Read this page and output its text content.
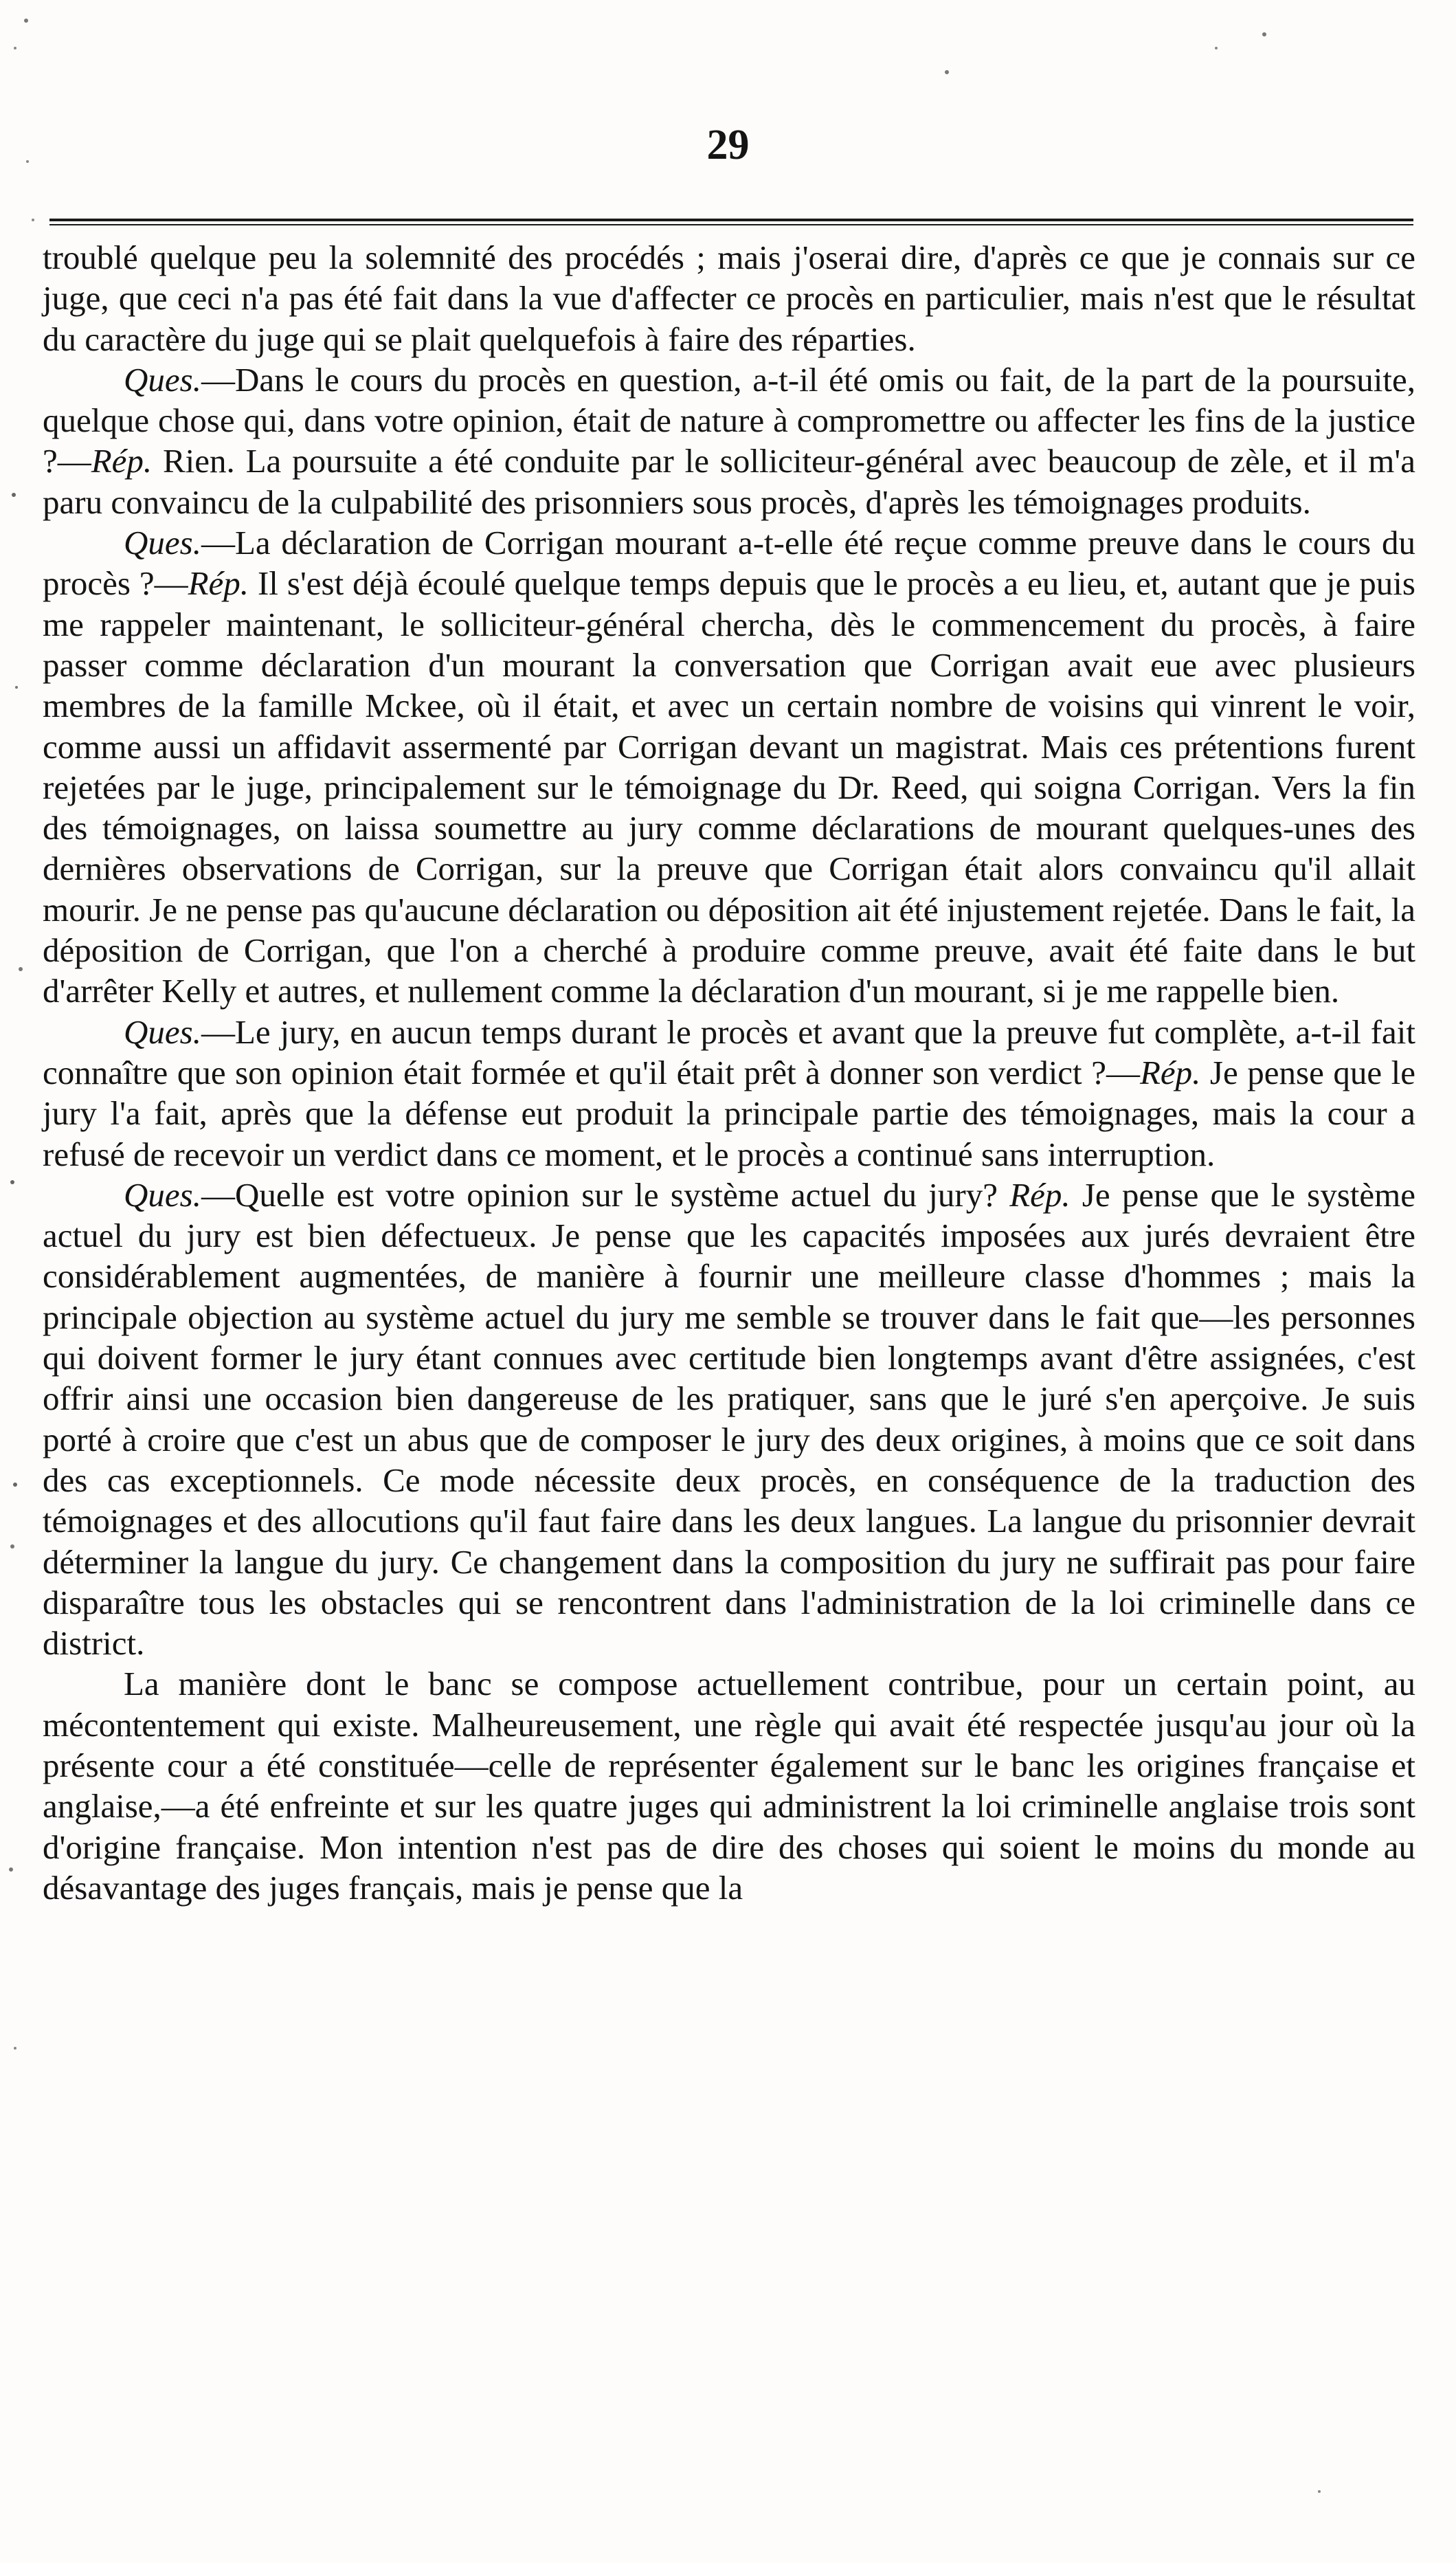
29

troublé quelque peu la solemnité des procédés ; mais j'oserai dire, d'après ce que je connais sur ce juge, que ceci n'a pas été fait dans la vue d'affecter ce procès en particulier, mais n'est que le résultat du caractère du juge qui se plait quelquefois à faire des réparties.

Ques.—Dans le cours du procès en question, a-t-il été omis ou fait, de la part de la poursuite, quelque chose qui, dans votre opinion, était de nature à compromettre ou affecter les fins de la justice ?—Rép. Rien. La poursuite a été conduite par le solliciteur-général avec beaucoup de zèle, et il m'a paru convaincu de la culpabilité des prisonniers sous procès, d'après les témoignages produits.

Ques.—La déclaration de Corrigan mourant a-t-elle été reçue comme preuve dans le cours du procès ?—Rép. Il s'est déjà écoulé quelque temps depuis que le procès a eu lieu, et, autant que je puis me rappeler maintenant, le solliciteur-général chercha, dès le commencement du procès, à faire passer comme déclaration d'un mourant la conversation que Corrigan avait eue avec plusieurs membres de la famille Mckee, où il était, et avec un certain nombre de voisins qui vinrent le voir, comme aussi un affidavit assermenté par Corrigan devant un magistrat. Mais ces prétentions furent rejetées par le juge, principalement sur le témoignage du Dr. Reed, qui soigna Corrigan. Vers la fin des témoignages, on laissa soumettre au jury comme déclarations de mourant quelques-unes des dernières observations de Corrigan, sur la preuve que Corrigan était alors convaincu qu'il allait mourir. Je ne pense pas qu'aucune déclaration ou déposition ait été injustement rejetée. Dans le fait, la déposition de Corrigan, que l'on a cherché à produire comme preuve, avait été faite dans le but d'arrêter Kelly et autres, et nullement comme la déclaration d'un mourant, si je me rappelle bien.

Ques.—Le jury, en aucun temps durant le procès et avant que la preuve fut complète, a-t-il fait connaître que son opinion était formée et qu'il était prêt à donner son verdict ?—Rép. Je pense que le jury l'a fait, après que la défense eut produit la principale partie des témoignages, mais la cour a refusé de recevoir un verdict dans ce moment, et le procès a continué sans interruption.

Ques.—Quelle est votre opinion sur le système actuel du jury? Rép. Je pense que le système actuel du jury est bien défectueux. Je pense que les capacités imposées aux jurés devraient être considérablement augmentées, de manière à fournir une meilleure classe d'hommes ; mais la principale objection au système actuel du jury me semble se trouver dans le fait que—les personnes qui doivent former le jury étant connues avec certitude bien longtemps avant d'être assignées, c'est offrir ainsi une occasion bien dangereuse de les pratiquer, sans que le juré s'en aperçoive. Je suis porté à croire que c'est un abus que de composer le jury des deux origines, à moins que ce soit dans des cas exceptionnels. Ce mode nécessite deux procès, en conséquence de la traduction des témoignages et des allocutions qu'il faut faire dans les deux langues. La langue du prisonnier devrait déterminer la langue du jury. Ce changement dans la composition du jury ne suffirait pas pour faire disparaître tous les obstacles qui se rencontrent dans l'administration de la loi criminelle dans ce district.

La manière dont le banc se compose actuellement contribue, pour un certain point, au mécontentement qui existe. Malheureusement, une règle qui avait été respectée jusqu'au jour où la présente cour a été constituée—celle de représenter également sur le banc les origines française et anglaise,—a été enfreinte et sur les quatre juges qui administrent la loi criminelle anglaise trois sont d'origine française. Mon intention n'est pas de dire des choses qui soient le moins du monde au désavantage des juges français, mais je pense que la
